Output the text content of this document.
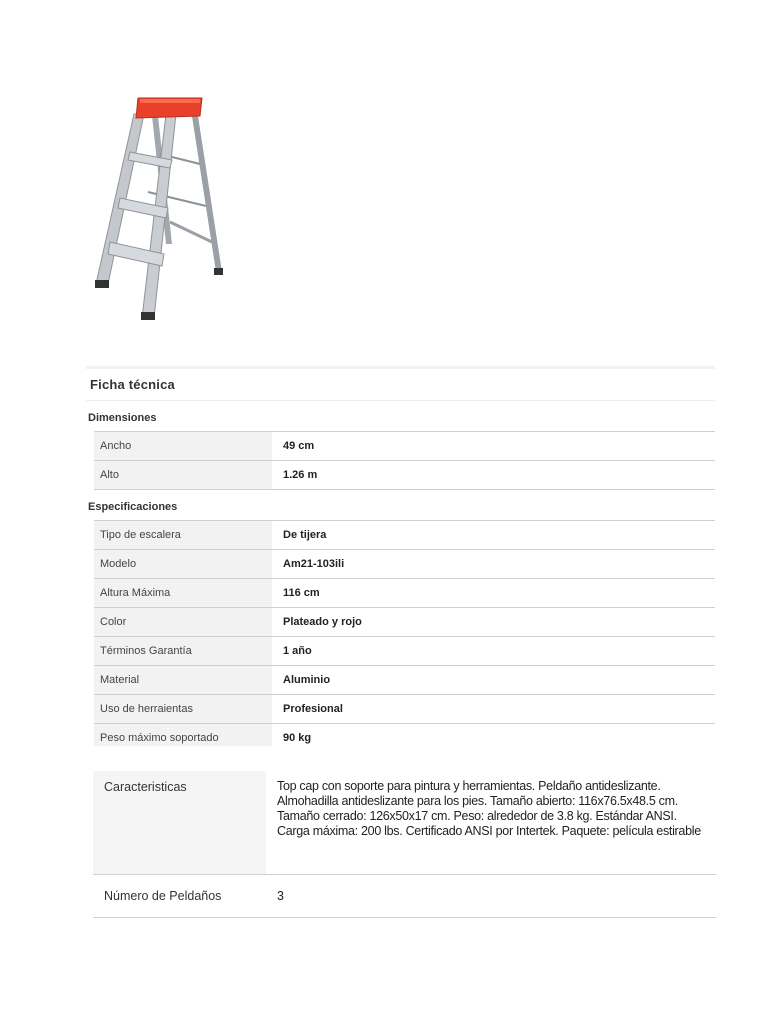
Ficha técnica
Dimensiones
Ancho	49 cm
Alto	1.26 m
Especificaciones
Tipo de escalera	De tijera
Modelo	Am21-103ili
Altura Máxima	116 cm
Color	Plateado y rojo
Términos Garantía	1 año
Material	Aluminio
Uso de herraientas	Profesional
Peso máximo soportado	90 kg
Caracteristicas	Top cap con soporte para pintura y herramientas. Peldaño antideslizante. Almohadilla antideslizante para los pies. Tamaño abierto: 116x76.5x48.5 cm. Tamaño cerrado: 126x50x17 cm. Peso: alrededor de 3.8 kg. Estándar ANSI. Carga máxima: 200 lbs. Certificado ANSI por Intertek. Paquete: película estirable
Número de Peldaños	3
